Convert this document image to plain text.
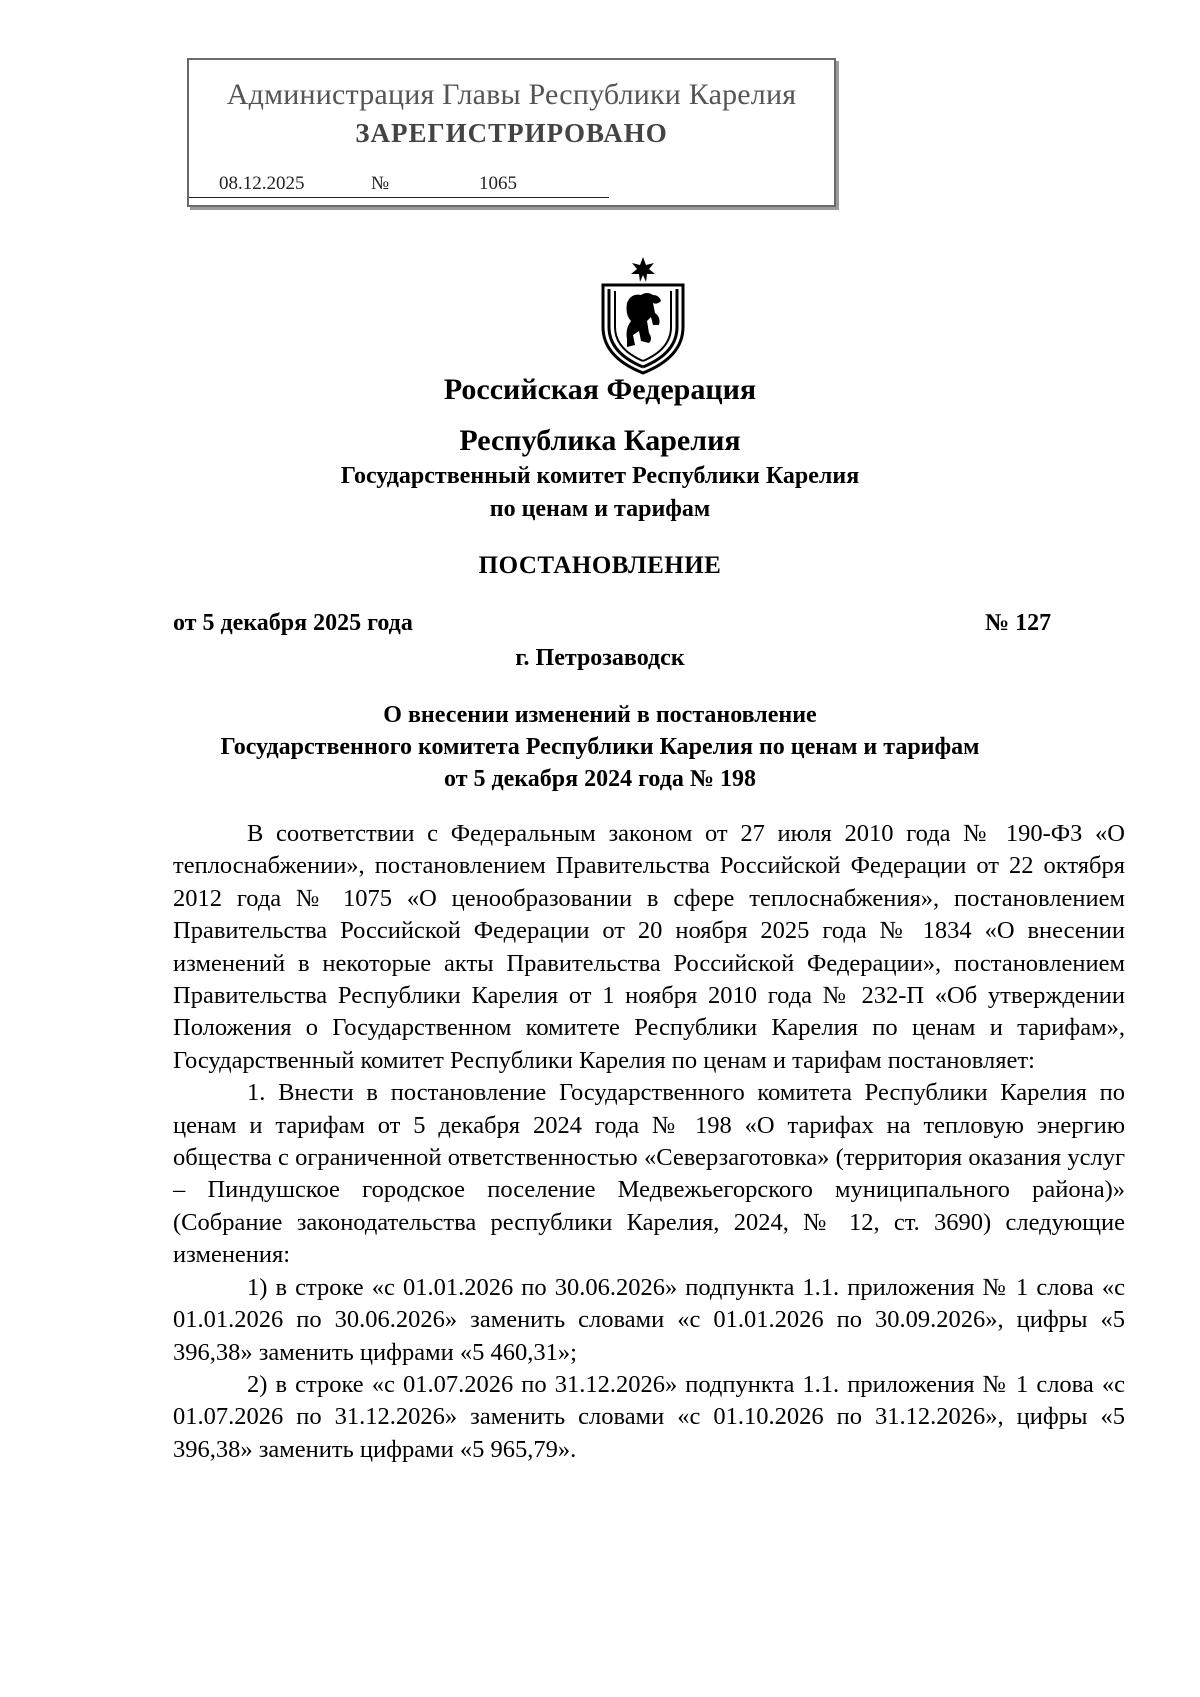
Администрация Главы Республики Карелия
ЗАРЕГИСТРИРОВАНО
08.12.2025	№	1065
Российская Федерация
Республика Карелия
Государственный комитет Республики Карелия
по ценам и тарифам
ПОСТАНОВЛЕНИЕ
от 5 декабря 2025 года	№ 127
г. Петрозаводск
О внесении изменений в постановление
Государственного комитета Республики Карелия по ценам и тарифам
от 5 декабря 2024 года № 198

В соответствии с Федеральным законом от 27 июля 2010 года № 190-ФЗ «О теплоснабжении», постановлением Правительства Российской Федерации от 22 октября 2012 года № 1075 «О ценообразовании в сфере теплоснабжения», постановлением Правительства Российской Федерации от 20 ноября 2025 года № 1834 «О внесении изменений в некоторые акты Правительства Российской Федерации», постановлением Правительства Республики Карелия от 1 ноября 2010 года № 232-П «Об утверждении Положения о Государственном комитете Республики Карелия по ценам и тарифам», Государственный комитет Республики Карелия по ценам и тарифам постановляет:

1. Внести в постановление Государственного комитета Республики Карелия по ценам и тарифам от 5 декабря 2024 года № 198 «О тарифах на тепловую энергию общества с ограниченной ответственностью «Северзаготовка» (территория оказания услуг – Пиндушское городское поселение Медвежьегорского муниципального района)» (Собрание законодательства республики Карелия, 2024, № 12, ст. 3690) следующие изменения:

1) в строке «с 01.01.2026 по 30.06.2026» подпункта 1.1. приложения № 1 слова «с 01.01.2026 по 30.06.2026» заменить словами «с 01.01.2026 по 30.09.2026», цифры «5 396,38» заменить цифрами «5 460,31»;

2) в строке «с 01.07.2026 по 31.12.2026» подпункта 1.1. приложения № 1 слова «с 01.07.2026 по 31.12.2026» заменить словами «с 01.10.2026 по 31.12.2026», цифры «5 396,38» заменить цифрами «5 965,79».
